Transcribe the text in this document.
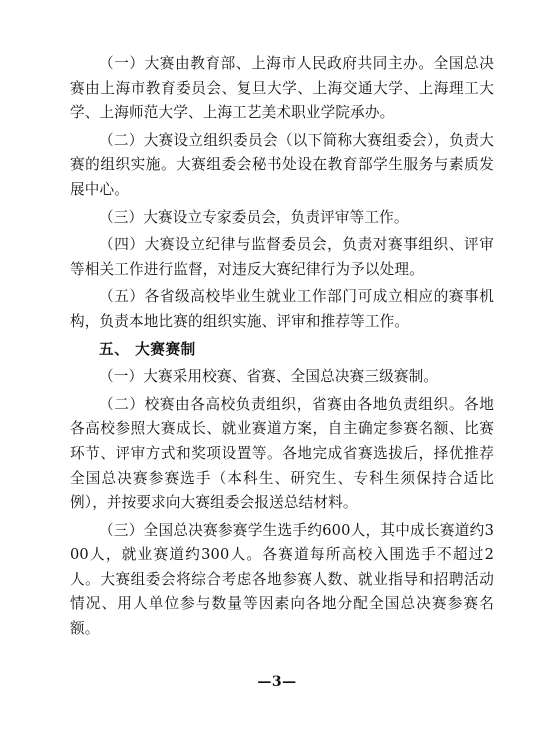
（一）大赛由教育部、上海市人民政府共同主办。全国总决赛由上海市教育委员会、复旦大学、上海交通大学、上海理工大学、上海师范大学、上海工艺美术职业学院承办。

（二）大赛设立组织委员会（以下简称大赛组委会），负责大赛的组织实施。大赛组委会秘书处设在教育部学生服务与素质发展中心。

（三）大赛设立专家委员会，负责评审等工作。

（四）大赛设立纪律与监督委员会，负责对赛事组织、评审等相关工作进行监督，对违反大赛纪律行为予以处理。

（五）各省级高校毕业生就业工作部门可成立相应的赛事机构，负责本地比赛的组织实施、评审和推荐等工作。

五、 大赛赛制

（一）大赛采用校赛、省赛、全国总决赛三级赛制。

（二）校赛由各高校负责组织，省赛由各地负责组织。各地各高校参照大赛成长、就业赛道方案，自主确定参赛名额、比赛环节、评审方式和奖项设置等。各地完成省赛选拔后，择优推荐全国总决赛参赛选手（本科生、研究生、专科生须保持合适比例），并按要求向大赛组委会报送总结材料。

（三）全国总决赛参赛学生选手约600人，其中成长赛道约300人，就业赛道约300人。各赛道每所高校入围选手不超过2人。大赛组委会将综合考虑各地参赛人数、就业指导和招聘活动情况、用人单位参与数量等因素向各地分配全国总决赛参赛名额。

—3—
